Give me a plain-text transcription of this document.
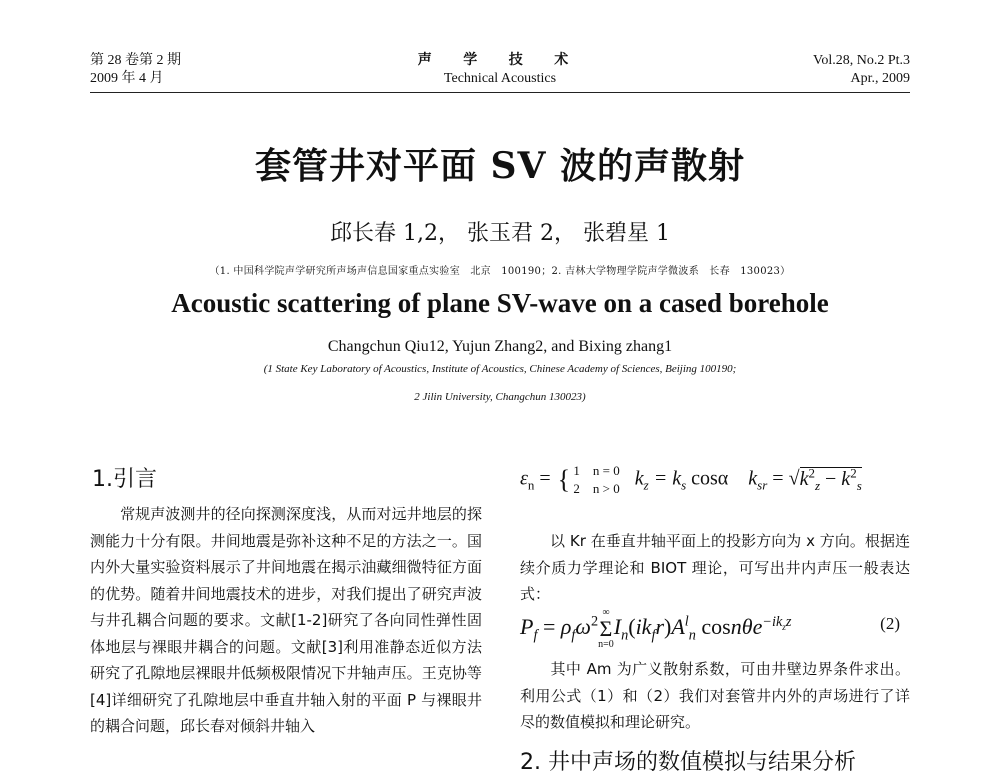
第 28 卷第 2 期
2009 年 4 月
声 学 技 术
Technical Acoustics
Vol.28, No.2 Pt.3
Apr., 2009
套管井对平面 SV 波的声散射
邱长春 1,2， 张玉君 2， 张碧星 1
（1. 中国科学院声学研究所声场声信息国家重点实验室　北京　100190；2. 吉林大学物理学院声学微波系　长春　130023）
Acoustic scattering of plane SV-wave on a cased borehole
Changchun Qiu12, Yujun Zhang2, and Bixing zhang1
(1 State Key Laboratory of Acoustics, Institute of Acoustics, Chinese Academy of Sciences, Beijing 100190;
2 Jilin University, Changchun 130023)
1.引言
常规声波测井的径向探测深度浅，从而对远井地层的探测能力十分有限。井间地震是弥补这种不足的方法之一。国内外大量实验资料展示了井间地震在揭示油藏细微特征方面的优势。随着井间地震技术的进步，对我们提出了研究声波与井孔耦合问题的要求。文献[1-2]研究了各向同性弹性固体地层与裸眼井耦合的问题。文献[3]利用准静态近似方法研究了孔隙地层裸眼井低频极限情况下井轴声压。王克协等[4]详细研究了孔隙地层中垂直井轴入射的平面 P 与裸眼井的耦合问题，邱长春对倾斜井轴入
$\varepsilon_n$ = { 1　n = 0
2　n > 0 $k_z = k_s$ cosα $k_{sr} = √k^2_z - k^2_s$
以 Kr 在垂直井轴平面上的投影方向为 x 方向。根据连续介质力学理论和 BIOT 理论，可写出井内声压一般表达式：
$P_f = \rho_f\omega^2$
∞
Σ
n=0
$I_n(ik_fr)A^l_n$ cosnθe$^{-ik_zz}$	(2)
其中 Am 为广义散射系数，可由井壁边界条件求出。利用公式（1）和（2）我们对套管井内外的声场进行了详尽的数值模拟和理论研究。
2. 井中声场的数值模拟与结果分析
